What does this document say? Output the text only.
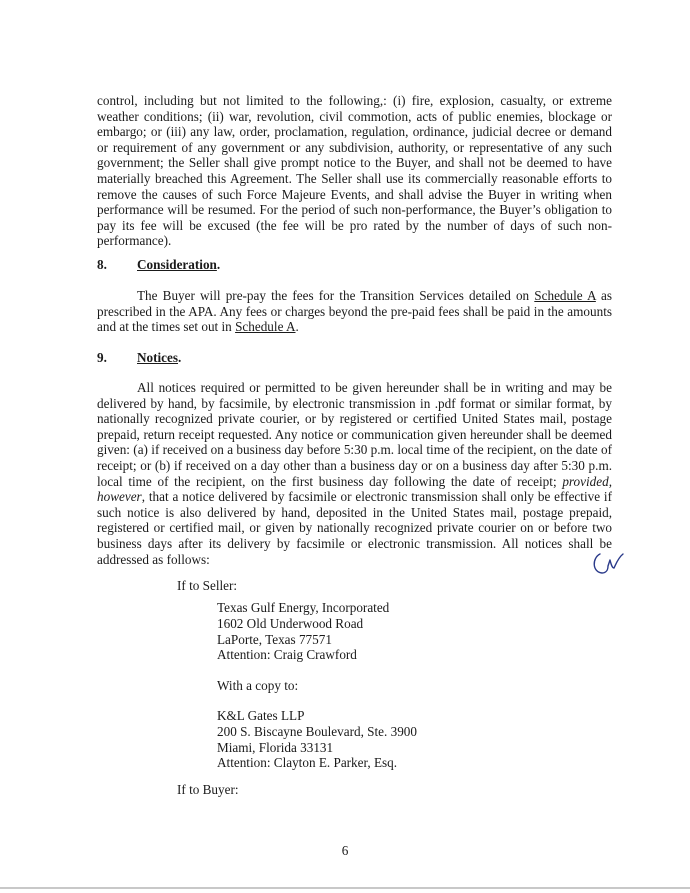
control, including but not limited to the following,: (i) fire, explosion, casualty, or extreme weather conditions; (ii) war, revolution, civil commotion, acts of public enemies, blockage or embargo; or (iii) any law, order, proclamation, regulation, ordinance, judicial decree or demand or requirement of any government or any subdivision, authority, or representative of any such government; the Seller shall give prompt notice to the Buyer, and shall not be deemed to have materially breached this Agreement. The Seller shall use its commercially reasonable efforts to remove the causes of such Force Majeure Events, and shall advise the Buyer in writing when performance will be resumed. For the period of such non-performance, the Buyer’s obligation to pay its fee will be excused (the fee will be pro rated by the number of days of such non-performance).
8. Consideration.
The Buyer will pre-pay the fees for the Transition Services detailed on Schedule A as prescribed in the APA. Any fees or charges beyond the pre-paid fees shall be paid in the amounts and at the times set out in Schedule A.
9. Notices.
All notices required or permitted to be given hereunder shall be in writing and may be delivered by hand, by facsimile, by electronic transmission in .pdf format or similar format, by nationally recognized private courier, or by registered or certified United States mail, postage prepaid, return receipt requested. Any notice or communication given hereunder shall be deemed given: (a) if received on a business day before 5:30 p.m. local time of the recipient, on the date of receipt; or (b) if received on a day other than a business day or on a business day after 5:30 p.m. local time of the recipient, on the first business day following the date of receipt; provided, however, that a notice delivered by facsimile or electronic transmission shall only be effective if such notice is also delivered by hand, deposited in the United States mail, postage prepaid, registered or certified mail, or given by nationally recognized private courier on or before two business days after its delivery by facsimile or electronic transmission. All notices shall be addressed as follows:
If to Seller:
Texas Gulf Energy, Incorporated
1602 Old Underwood Road
LaPorte, Texas 77571
Attention: Craig Crawford
With a copy to:
K&L Gates LLP
200 S. Biscayne Boulevard, Ste. 3900
Miami, Florida 33131
Attention: Clayton E. Parker, Esq.
If to Buyer:
6
